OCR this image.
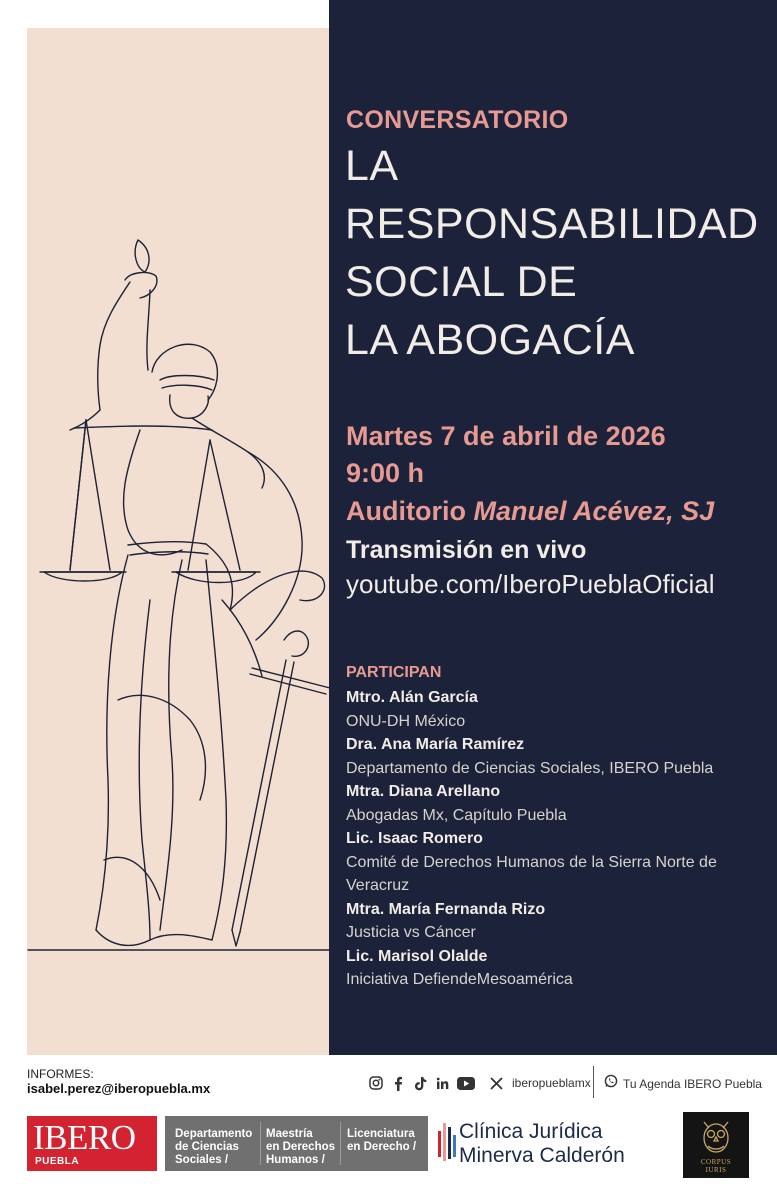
CONVERSATORIO
LA
RESPONSABILIDAD
SOCIAL DE
LA ABOGACÍA
Martes 7 de abril de 2026
9:00 h
Auditorio Manuel Acévez, SJ
Transmisión en vivo
youtube.com/IberoPueblaOficial
PARTICIPAN
Mtro. Alán García
ONU-DH México
Dra. Ana María Ramírez
Departamento de Ciencias Sociales, IBERO Puebla
Mtra. Diana Arellano
Abogadas Mx, Capítulo Puebla
Lic. Isaac Romero
Comité de Derechos Humanos de la Sierra Norte de
Veracruz
Mtra. María Fernanda Rizo
Justicia vs Cáncer
Lic. Marisol Olalde
Iniciativa DefiendeMesoamérica
INFORMES:
isabel.perez@iberopuebla.mx	iberopueblamx	Tu Agenda IBERO Puebla
IBERO
PUEBLA
Departamento
de Ciencias
Sociales /
Maestría
en Derechos
Humanos /
Licenciatura
en Derecho /
Clínica Jurídica
Minerva Calderón	CORPUS
IURIS
